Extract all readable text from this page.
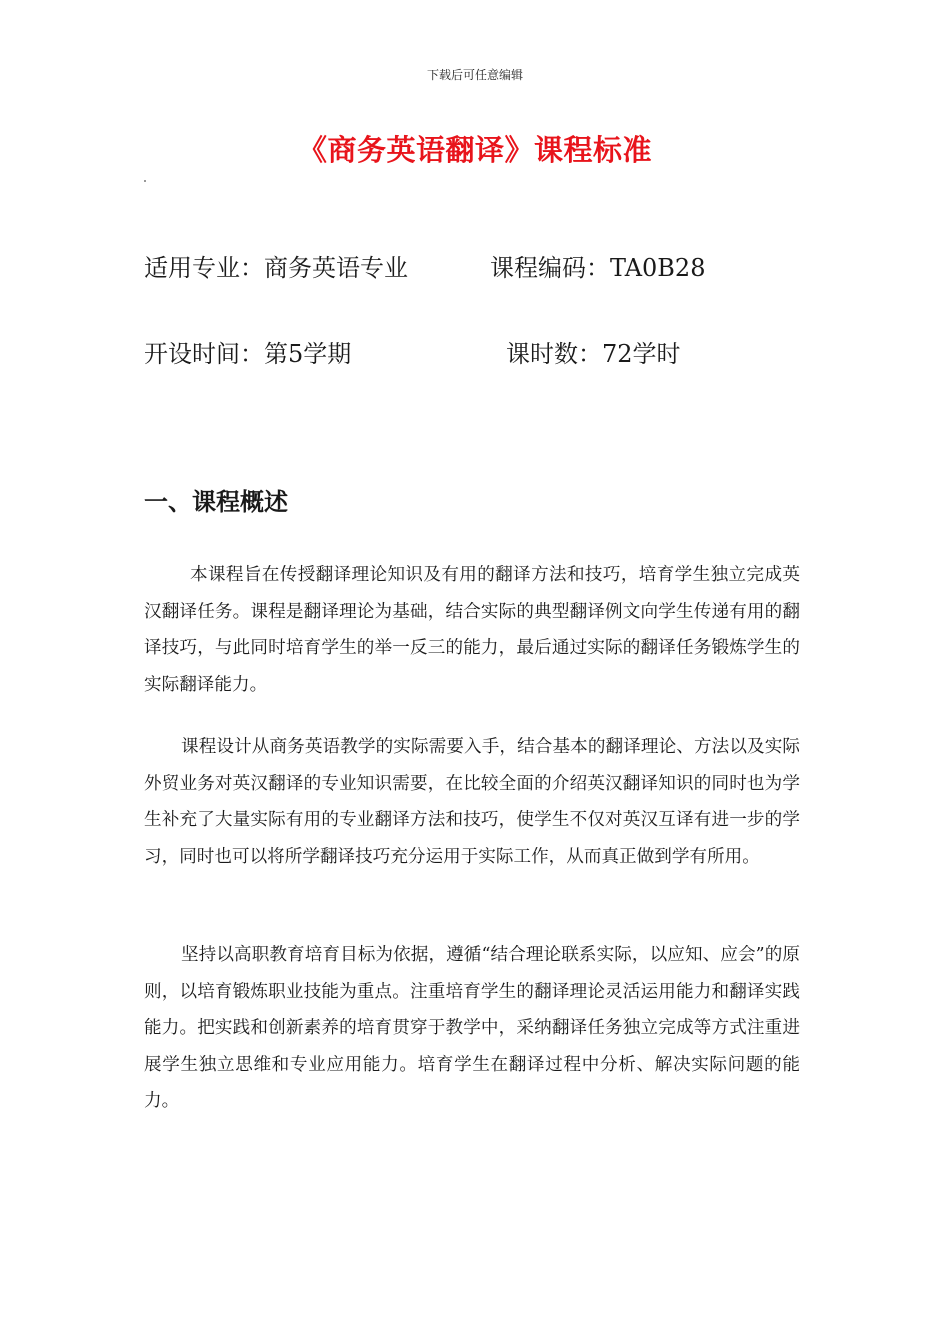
下载后可任意编辑
《商务英语翻译》课程标准
适用专业：商务英语专业	课程编码：TA0B28
开设时间：第5学期	课时数：72学时
一、课程概述

本课程旨在传授翻译理论知识及有用的翻译方法和技巧，培育学生独立完成英汉翻译任务。课程是翻译理论为基础，结合实际的典型翻译例文向学生传递有用的翻译技巧，与此同时培育学生的举一反三的能力，最后通过实际的翻译任务锻炼学生的实际翻译能力。

课程设计从商务英语教学的实际需要入手，结合基本的翻译理论、方法以及实际外贸业务对英汉翻译的专业知识需要，在比较全面的介绍英汉翻译知识的同时也为学生补充了大量实际有用的专业翻译方法和技巧，使学生不仅对英汉互译有进一步的学习，同时也可以将所学翻译技巧充分运用于实际工作，从而真正做到学有所用。

坚持以高职教育培育目标为依据，遵循“结合理论联系实际，以应知、应会”的原则，以培育锻炼职业技能为重点。注重培育学生的翻译理论灵活运用能力和翻译实践能力。把实践和创新素养的培育贯穿于教学中，采纳翻译任务独立完成等方式注重进展学生独立思维和专业应用能力。培育学生在翻译过程中分析、解决实际问题的能力。
